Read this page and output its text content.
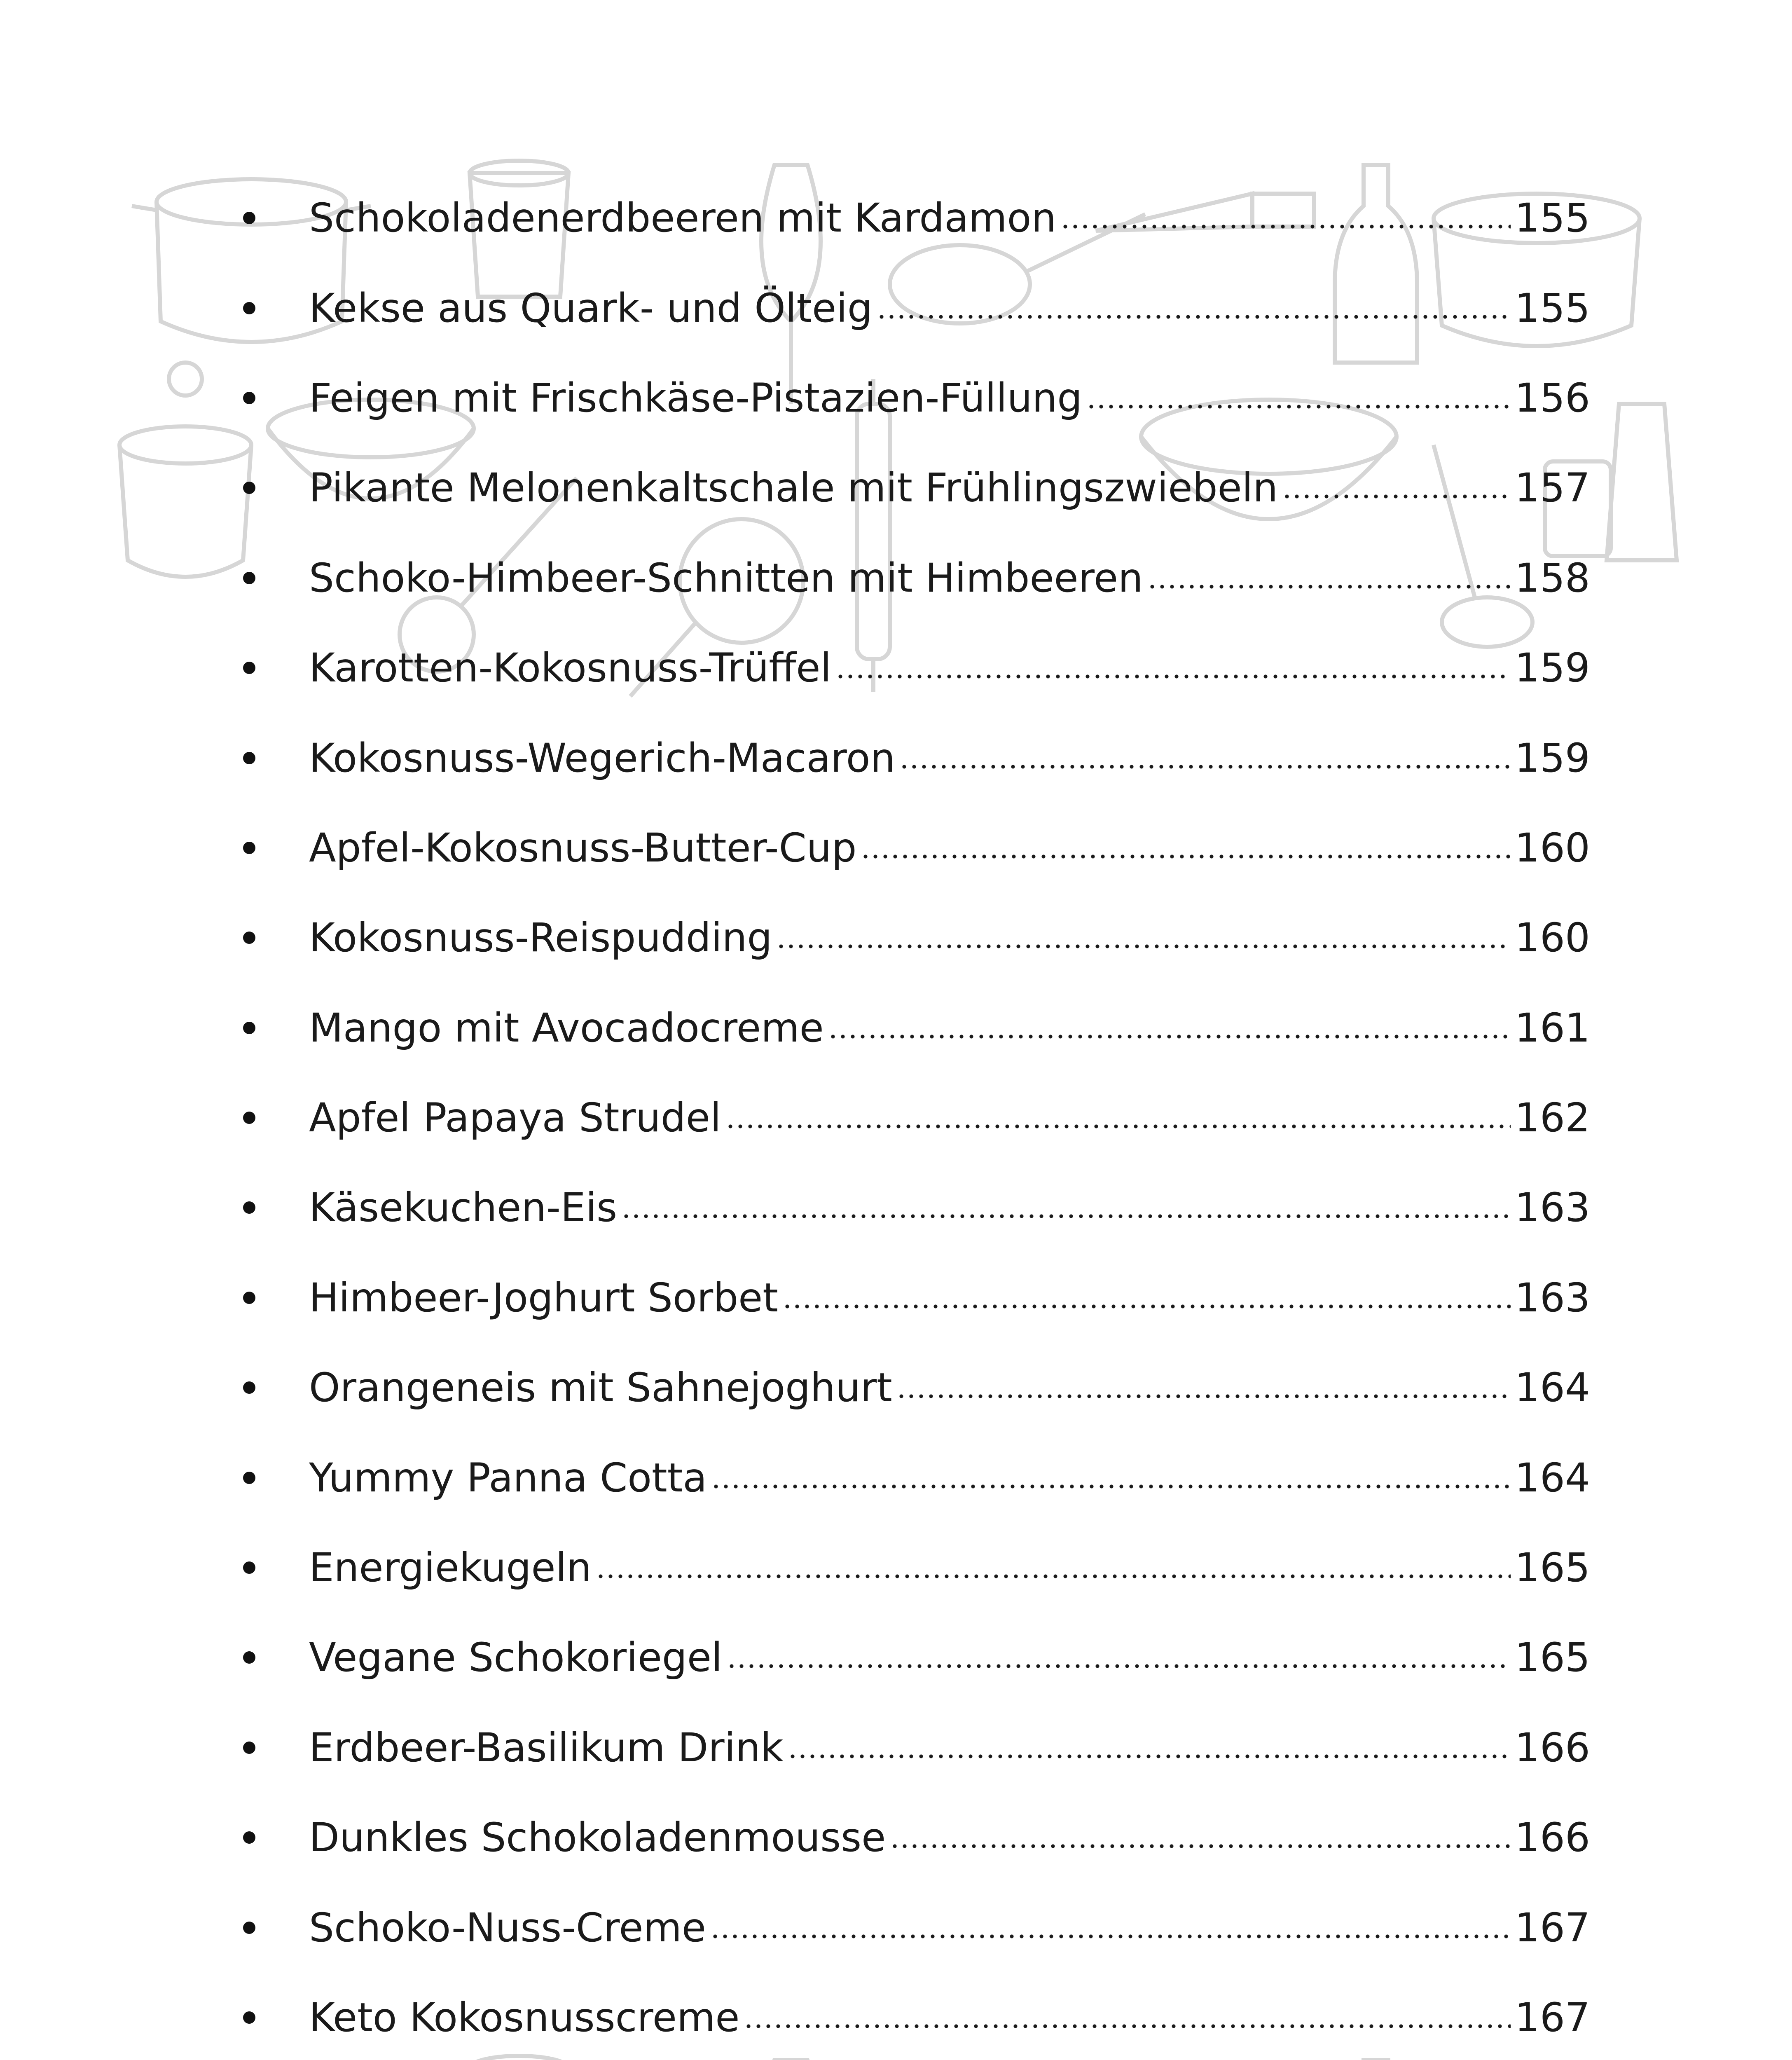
Schokoladenerdbeeren mit Kardamon	155
Kekse aus Quark- und Ölteig	155
Feigen mit Frischkäse-Pistazien-Füllung	156
Pikante Melonenkaltschale mit Frühlingszwiebeln	157
Schoko-Himbeer-Schnitten mit Himbeeren	158
Karotten-Kokosnuss-Trüffel	159
Kokosnuss-Wegerich-Macaron	159
Apfel-Kokosnuss-Butter-Cup	160
Kokosnuss-Reispudding	160
Mango mit Avocadocreme	161
Apfel Papaya Strudel	162
Käsekuchen-Eis	163
Himbeer-Joghurt Sorbet	163
Orangeneis mit Sahnejoghurt	164
Yummy Panna Cotta	164
Energiekugeln	165
Vegane Schokoriegel	165
Erdbeer-Basilikum Drink	166
Dunkles Schokoladenmousse	166
Schoko-Nuss-Creme	167
Keto Kokosnusscreme	167
